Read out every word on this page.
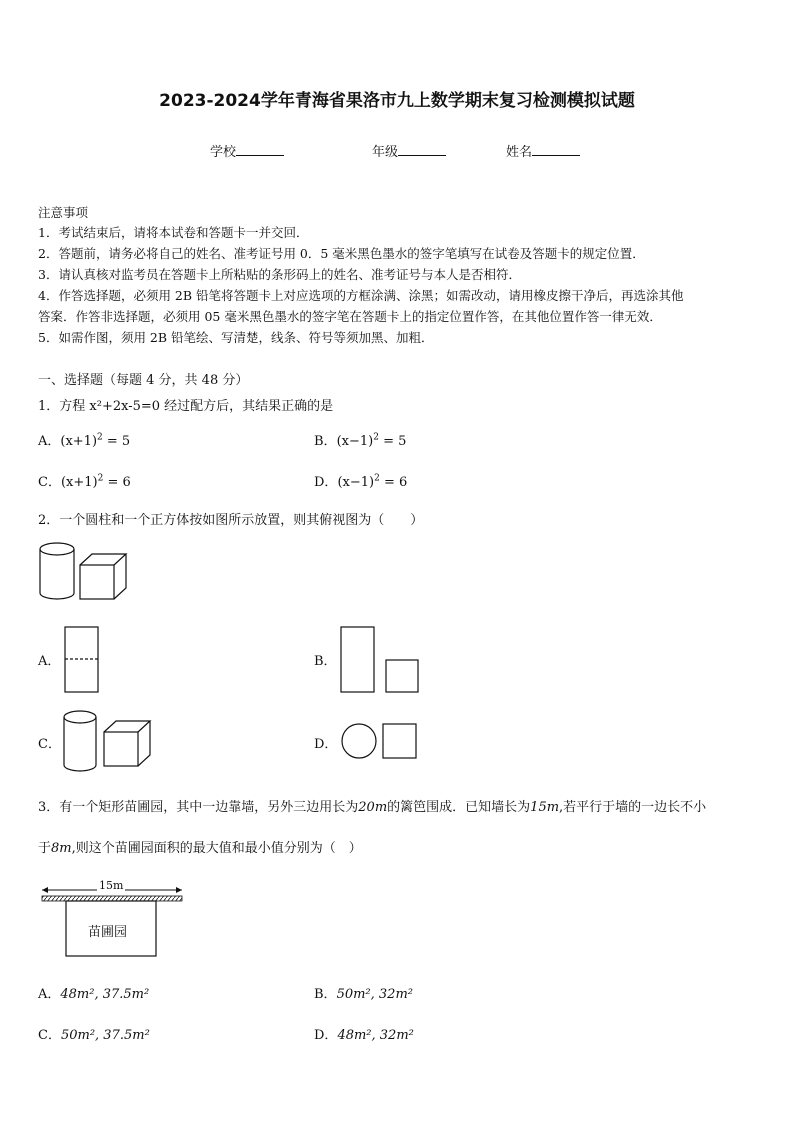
2023-2024学年青海省果洛市九上数学期末复习检测模拟试题
学校	年级	姓名
注意事项
1．考试结束后，请将本试卷和答题卡一并交回．
2．答题前，请务必将自己的姓名、准考证号用 0．5 毫米黑色墨水的签字笔填写在试卷及答题卡的规定位置．
3．请认真核对监考员在答题卡上所粘贴的条形码上的姓名、准考证号与本人是否相符．
4．作答选择题，必须用 2B 铅笔将答题卡上对应选项的方框涂满、涂黑；如需改动，请用橡皮擦干净后，再选涂其他
答案．作答非选择题，必须用 05 毫米黑色墨水的签字笔在答题卡上的指定位置作答，在其他位置作答一律无效．
5．如需作图，须用 2B 铅笔绘、写清楚，线条、符号等须加黑、加粗．
一、选择题（每题 4 分，共 48 分）
1．方程 x²+2x-5=0 经过配方后，其结果正确的是
A．$(x+1)^2 = 5$	B．$(x-1)^2 = 5$
C．$(x+1)^2 = 6$	D．$(x-1)^2 = 6$
2．一个圆柱和一个正方体按如图所示放置，则其俯视图为（　　）
A．	B．
C．	D．
3．有一个矩形苗圃园，其中一边靠墙，另外三边用长为20m的篱笆围成．已知墙长为15m,若平行于墙的一边长不小
于8m,则这个苗圃园面积的最大值和最小值分别为（　）
15m
苗圃园
A．48m², 37.5m²	B．50m², 32m²
C．50m², 37.5m²	D．48m², 32m²
